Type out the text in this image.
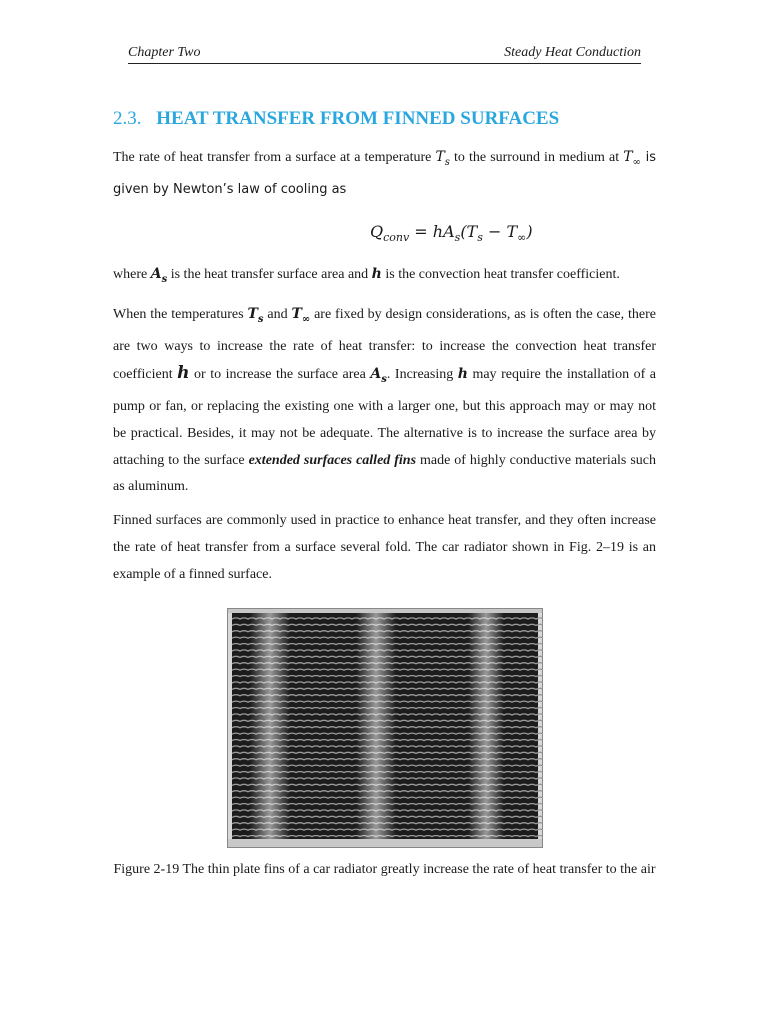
Chapter Two	Steady Heat Conduction
2.3. HEAT TRANSFER FROM FINNED SURFACES

The rate of heat transfer from a surface at a temperature $T_s$ to the surround in medium at $T_\infty$ is given by Newton’s law of cooling as

$Q_{conv} = hA_s(T_s - T_\infty)$

where $A_s$ is the heat transfer surface area and h is the convection heat transfer coefficient.

When the temperatures $T_s$ and $T_\infty$ are fixed by design considerations, as is often the case, there are two ways to increase the rate of heat transfer: to increase the convection heat transfer coefficient h or to increase the surface area $A_s$. Increasing h may require the installation of a pump or fan, or replacing the existing one with a larger one, but this approach may or may not be practical. Besides, it may not be adequate. The alternative is to increase the surface area by attaching to the surface extended surfaces called fins made of highly conductive materials such as aluminum.

Finned surfaces are commonly used in practice to enhance heat transfer, and they often increase the rate of heat transfer from a surface several fold. The car radiator shown in Fig. 2–19 is an example of a finned surface.

Figure 2-19 The thin plate fins of a car radiator greatly increase the rate of heat transfer to the air
